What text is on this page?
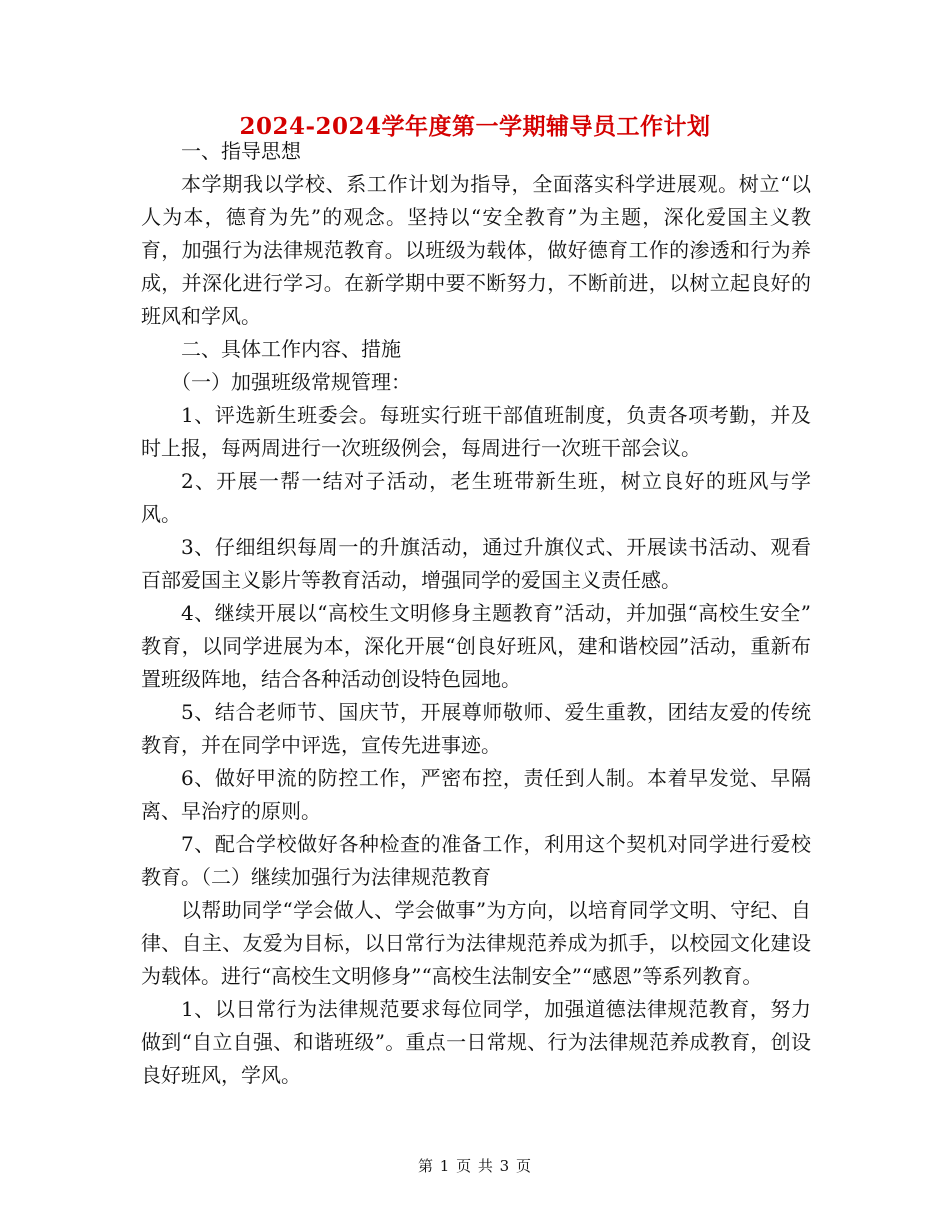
2024-2024学年度第一学期辅导员工作计划

一、指导思想

本学期我以学校、系工作计划为指导，全面落实科学进展观。树立“以人为本，德育为先”的观念。坚持以“安全教育”为主题，深化爱国主义教育，加强行为法律规范教育。以班级为载体，做好德育工作的渗透和行为养成，并深化进行学习。在新学期中要不断努力，不断前进，以树立起良好的班风和学风。

二、具体工作内容、措施

（一）加强班级常规管理：

1、评选新生班委会。每班实行班干部值班制度，负责各项考勤，并及时上报，每两周进行一次班级例会，每周进行一次班干部会议。

2、开展一帮一结对子活动，老生班带新生班，树立良好的班风与学风。

3、仔细组织每周一的升旗活动，通过升旗仪式、开展读书活动、观看百部爱国主义影片等教育活动，增强同学的爱国主义责任感。

4、继续开展以“高校生文明修身主题教育”活动，并加强“高校生安全” 教育，以同学进展为本，深化开展“创良好班风，建和谐校园”活动，重新布置班级阵地，结合各种活动创设特色园地。

5、结合老师节、国庆节，开展尊师敬师、爱生重教，团结友爱的传统教育，并在同学中评选，宣传先进事迹。

6、做好甲流的防控工作，严密布控，责任到人制。本着早发觉、早隔离、早治疗的原则。

7、配合学校做好各种检查的准备工作，利用这个契机对同学进行爱校教育。（二）继续加强行为法律规范教育

以帮助同学“学会做人、学会做事”为方向，以培育同学文明、守纪、自律、自主、友爱为目标，以日常行为法律规范养成为抓手，以校园文化建设为载体。进行“高校生文明修身”“高校生法制安全”“感恩”等系列教育。

1、以日常行为法律规范要求每位同学，加强道德法律规范教育，努力做到“自立自强、和谐班级”。重点一日常规、行为法律规范养成教育，创设良好班风，学风。

第 1 页 共 3 页
